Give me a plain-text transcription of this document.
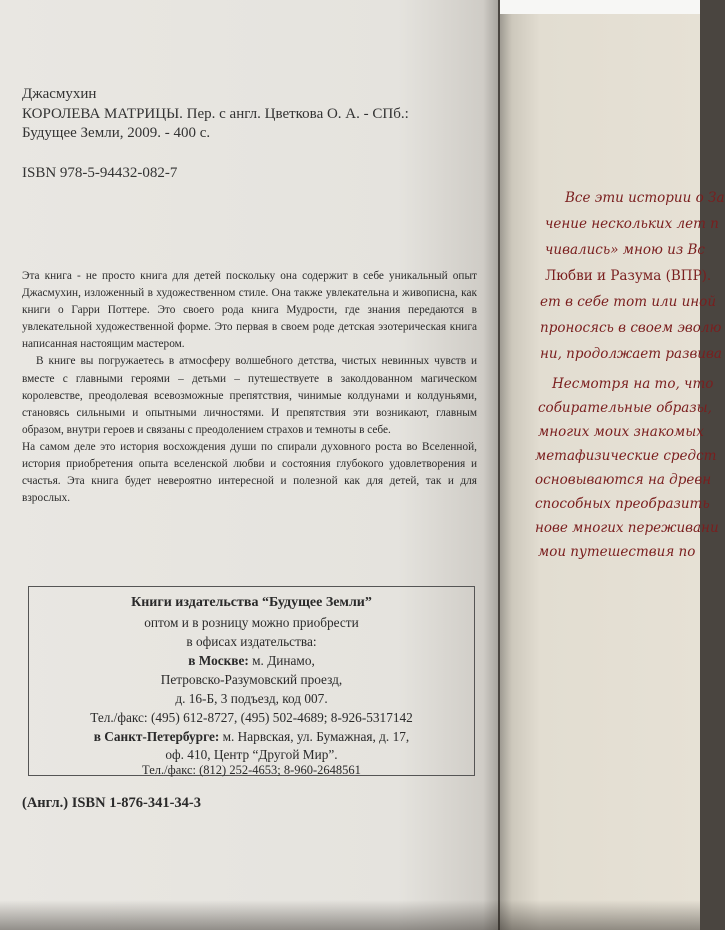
Джасмухин
КОРОЛЕВА МАТРИЦЫ. Пер. с англ. Цветкова О. А. - СПб.:
Будущее Земли, 2009. - 400 с.
ISBN 978-5-94432-082-7

Эта книга - не просто книга для детей поскольку она содержит в себе уникальный опыт Джасмухин, изложенный в художественном стиле. Она также увлекательна и живописна, как книги о Гарри Поттере. Это своего рода книга Мудрости, где знания передаются в увлекательной художественной форме. Это первая в своем роде детская эзотерическая книга написанная настоящим мастером.

В книге вы погружаетесь в атмосферу волшебного детства, чистых невинных чувств и вместе с главными героями – детьми – путешествуете в заколдованном магическом королевстве, преодолевая всевозможные препятствия, чинимые колдунами и колдуньями, становясь сильными и опытными личностями. И препятствия эти возникают, главным образом, внутри героев и связаны с преодолением страхов и темноты в себе.

На самом деле это история восхождения души по спирали духовного роста во Вселенной, история приобретения опыта вселенской любви и состояния глубокого удовлетворения и счастья. Эта книга будет невероятно интересной и полезной как для детей, так и для взрослых.

Книги издательства “Будущее Земли”
оптом и в розницу можно приобрести
в офисах издательства:
в Москве: м. Динамо,
Петровско-Разумовский проезд,
д. 16-Б, 3 подъезд, код 007.
Тел./факс: (495) 612-8727, (495) 502-4689; 8-926-5317142
в Санкт-Петербурге: м. Нарвская, ул. Бумажная, д. 17,
оф. 410, Центр “Другой Мир”.
Тел./факс: (812) 252-4653; 8-960-2648561
(Англ.) ISBN 1-876-341-34-3
Все эти истории о За
чение нескольких лет п
чивались» мною из Вс
Любви и Разума (ВПР).
ет в себе тот или иной
проносясь в своем эволю
ни, продолжает развива
Несмотря на то, что
собирательные образы,
многих моих знакомых
метафизические средст
основываются на древн
способных преобразить
нове многих переживани
мои путешествия по
